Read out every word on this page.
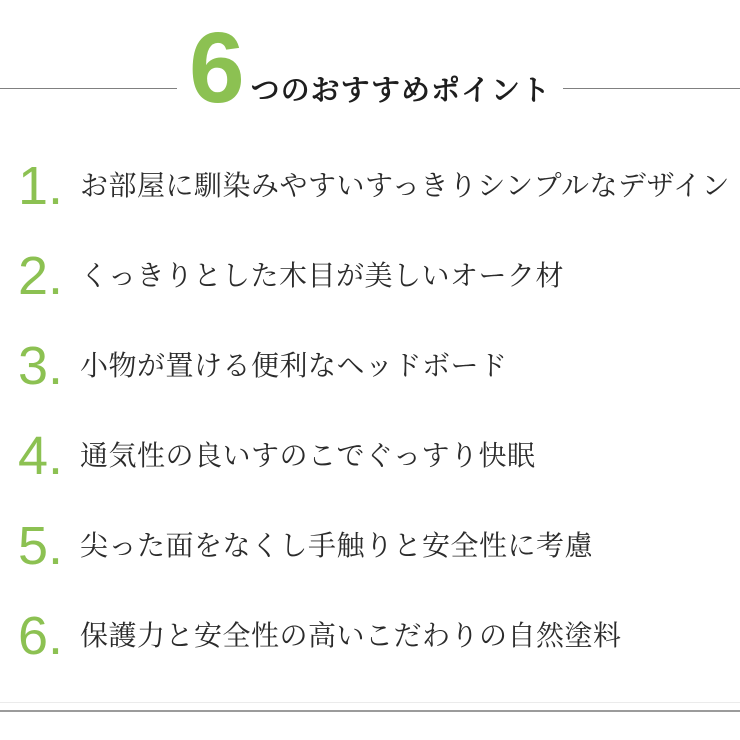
6 つのおすすめポイント
1. お部屋に馴染みやすいすっきりシンプルなデザイン
2. くっきりとした木目が美しいオーク材
3. 小物が置ける便利なヘッドボード
4. 通気性の良いすのこでぐっすり快眠
5. 尖った面をなくし手触りと安全性に考慮
6. 保護力と安全性の高いこだわりの自然塗料
